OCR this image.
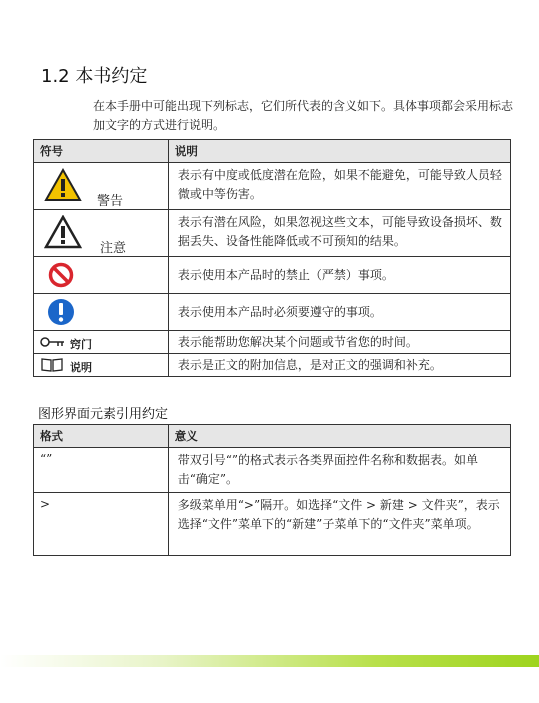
1.2 本书约定
在本手册中可能出现下列标志，它们所代表的含义如下。具体事项都会采用标志加文字的方式进行说明。
符号	说明

警告	表示有中度或低度潜在危险，如果不能避免，可能导致人员轻微或中等伤害。

注意	表示有潜在风险，如果忽视这些文本，可能导致设备损坏、数据丢失、设备性能降低或不可预知的结果。

	表示使用本产品时的禁止（严禁）事项。

	表示使用本产品时必须要遵守的事项。

窍门	表示能帮助您解决某个问题或节省您的时间。

说明	表示是正文的附加信息，是对正文的强调和补充。
图形界面元素引用约定
格式	意义
“”	带双引号“”的格式表示各类界面控件名称和数据表。如单击“确定”。
>	多级菜单用“>”隔开。如选择“文件 > 新建 > 文件夹”，表示选择“文件”菜单下的“新建”子菜单下的“文件夹”菜单项。
